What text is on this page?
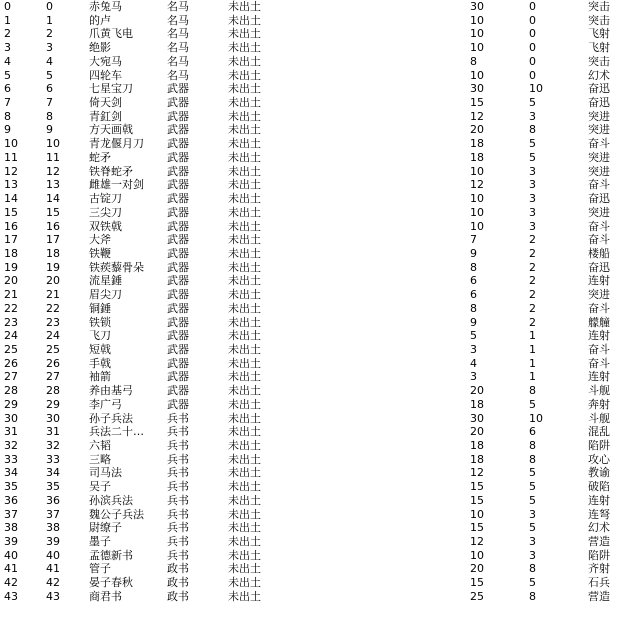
0	0	赤兔马	名马	未出土	30	0	突击
1	1	的卢	名马	未出土	10	0	突击
2	2	爪黄飞电	名马	未出土	10	0	飞射
3	3	绝影	名马	未出土	10	0	飞射
4	4	大宛马	名马	未出土	8	0	突击
5	5	四轮车	名马	未出土	10	0	幻术
6	6	七星宝刀	武器	未出土	30	10	奋迅
7	7	倚天剑	武器	未出土	15	5	奋迅
8	8	青釭剑	武器	未出土	12	3	突进
9	9	方天画戟	武器	未出土	20	8	突进
10	10	青龙偃月刀	武器	未出土	18	5	奋斗
11	11	蛇矛	武器	未出土	18	5	突进
12	12	铁脊蛇矛	武器	未出土	10	3	突进
13	13	雌雄一对剑	武器	未出土	12	3	奋斗
14	14	古锭刀	武器	未出土	10	3	奋迅
15	15	三尖刀	武器	未出土	10	3	突进
16	16	双铁戟	武器	未出土	10	3	奋斗
17	17	大斧	武器	未出土	7	2	奋斗
18	18	铁鞭	武器	未出土	9	2	楼船
19	19	铁蒺藜骨朵	武器	未出土	8	2	奋迅
20	20	流星錘	武器	未出土	6	2	连射
21	21	眉尖刀	武器	未出土	6	2	突进
22	22	铜錘	武器	未出土	8	2	奋斗
23	23	铁锁	武器	未出土	9	2	艨艟
24	24	飞刀	武器	未出土	5	1	连射
25	25	短戟	武器	未出土	3	1	奋斗
26	26	手戟	武器	未出土	4	1	奋斗
27	27	袖箭	武器	未出土	3	1	连射
28	28	养由基弓	武器	未出土	20	8	斗舰
29	29	李广弓	武器	未出土	18	5	奔射
30	30	孙子兵法	兵书	未出土	30	10	斗舰
31	31	兵法二十…	兵书	未出土	20	6	混乱
32	32	六韬	兵书	未出土	18	8	陷阱
33	33	三略	兵书	未出土	18	8	攻心
34	34	司马法	兵书	未出土	12	5	教谕
35	35	吴子	兵书	未出土	15	5	破陷
36	36	孙滨兵法	兵书	未出土	15	5	连射
37	37	魏公子兵法	兵书	未出土	10	3	连弩
38	38	尉缭子	兵书	未出土	15	5	幻术
39	39	墨子	兵书	未出土	12	3	营造
40	40	孟德新书	兵书	未出土	10	3	陷阱
41	41	管子	政书	未出土	20	8	齐射
42	42	晏子春秋	政书	未出土	15	5	石兵
43	43	商君书	政书	未出土	25	8	营造
